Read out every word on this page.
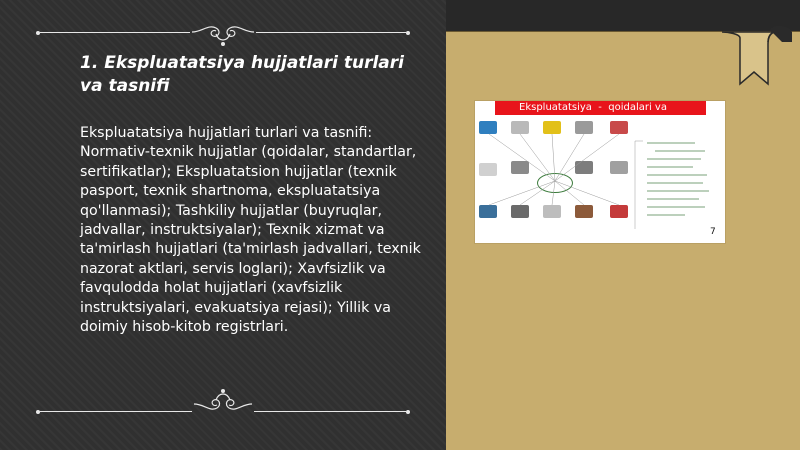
1. Ekspluatatsiya hujjatlari turlari va tasnifi

Ekspluatatsiya hujjatlari turlari va tasnifi: Normativ-texnik hujjatlar (qoidalar, standartlar, sertifikatlar); Ekspluatatsion hujjatlar (texnik pasport, texnik shartnoma, ekspluatatsiya qo'llanmasi); Tashkiliy hujjatlar (buyruqlar, jadvallar, instruktsiyalar); Texnik xizmat va ta'mirlash hujjatlari (ta'mirlash jadvallari, texnik nazorat aktlari, servis loglari); Xavfsizlik va favqulodda holat hujjatlari (xavfsizlik instruktsiyalari, evakuatsiya rejasi); Yillik va doimiy hisob-kitob registrlari.

Ekspluatatsiya  -  qoidalari va
7
